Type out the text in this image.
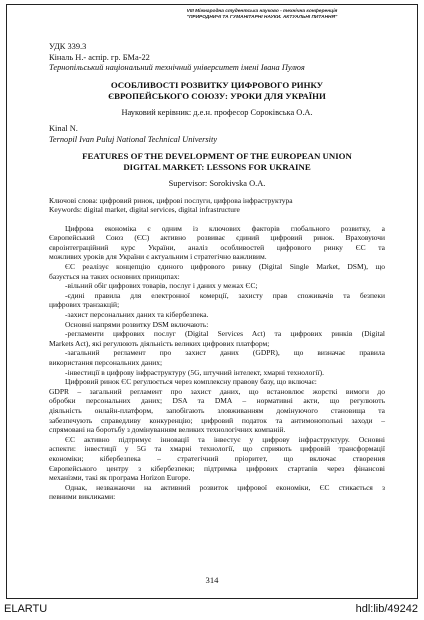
VIII Міжнародна студентська науково - технічна конференція
"ПРИРОДНИЧІ ТА ГУМАНІТАРНІ НАУКИ. АКТУАЛЬНІ ПИТАННЯ"
УДК 339.3
Кіналь Н.- аспір. гр. БМа-22
Тернопільський національний технічний університет імені Івана Пулюя
ОСОБЛИВОСТІ РОЗВИТКУ ЦИФРОВОГО РИНКУ
ЄВРОПЕЙСЬКОГО СОЮЗУ: УРОКИ ДЛЯ УКРАЇНИ
Науковий керівник: д.е.н. професор Сороківська О.А.
Kinal N.
Ternopil Ivan Puluj National Technical University
FEATURES OF THE DEVELOPMENT OF THE EUROPEAN UNION
DIGITAL MARKET: LESSONS FOR UKRAINE
Supervisor: Sorokivska O.A.
Ключові слова: цифровий ринок, цифрові послуги, цифрова інфраструктура
Keywords: digital market, digital services, digital infrastructure
Цифрова економіка є одним із ключових факторів глобального розвитку, а
Європейський Союз (ЄС) активно розвиває єдиний цифровий ринок. Враховуючи
євроінтеграційний курс України, аналіз особливостей цифрового ринку ЄС та
можливих уроків для України є актуальним і стратегічно важливим.
ЄС реалізує концепцію єдиного цифрового ринку (Digital Single Market, DSM), що
базується на таких основних принципах:
-вільний обіг цифрових товарів, послуг і даних у межах ЄС;
-єдині правила для електронної комерції, захисту прав споживачів та безпеки
цифрових транзакцій;
-захист персональних даних та кібербезпека.
Основні напрями розвитку DSM включають:
-регламенти цифрових послуг (Digital Services Act) та цифрових ринків (Digital
Markets Act), які регулюють діяльність великих цифрових платформ;
-загальний регламент про захист даних (GDPR), що визначає правила
використання персональних даних;
-інвестиції в цифрову інфраструктуру (5G, штучний інтелект, хмарні технології).
Цифровий ринок ЄС регулюється через комплексну правову базу, що включає:
GDPR – загальний регламент про захист даних, що встановлює жорсткі вимоги до
обробки персональних даних; DSA та DMA – нормативні акти, що регулюють
діяльність онлайн-платформ, запобігають зловживанням домінуючого становища та
забезпечують справедливу конкуренцію; цифровий податок та антимонопольні заходи –
спрямовані на боротьбу з домінуванням великих технологічних компаній.
ЄС активно підтримує інновації та інвестує у цифрову інфраструктуру. Основні
аспекти: інвестиції у 5G та хмарні технології, що сприяють цифровій трансформації
економіки; кібербезпека – стратегічний пріоритет, що включає створення
Європейського центру з кібербезпеки; підтримка цифрових стартапів через фінансові
механізми, такі як програма Horizon Europe.
Однак, незважаючи на активний розвиток цифрової економіки, ЄС стикається з
певними викликами:
314
ELARTU	hdl:lib/49242
